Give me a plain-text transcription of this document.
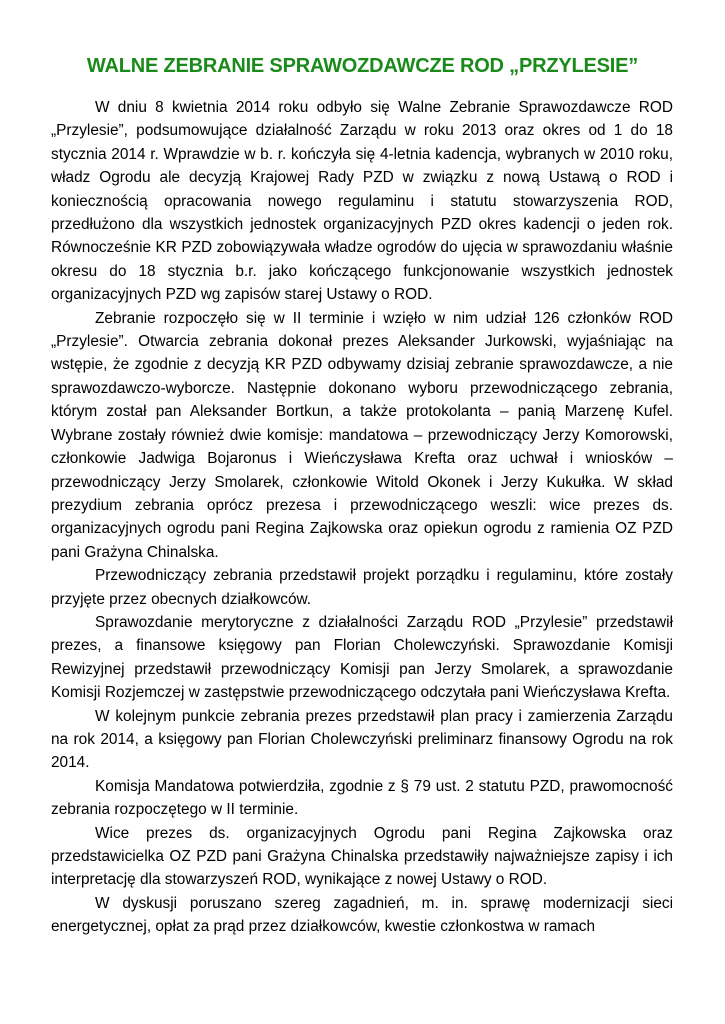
WALNE ZEBRANIE SPRAWOZDAWCZE ROD „PRZYLESIE”

W dniu 8 kwietnia 2014 roku odbyło się Walne Zebranie Sprawozdawcze ROD „Przylesie”, podsumowujące działalność Zarządu w roku 2013 oraz okres od 1 do 18 stycznia 2014 r. Wprawdzie w b. r. kończyła się 4-letnia kadencja, wybranych w 2010 roku, władz Ogrodu ale decyzją Krajowej Rady PZD w związku z nową Ustawą o ROD i koniecznością opracowania nowego regulaminu i statutu stowarzyszenia ROD, przedłużono dla wszystkich jednostek organizacyjnych PZD okres kadencji o jeden rok. Równocześnie KR PZD zobowiązywała władze ogrodów do ujęcia w sprawozdaniu właśnie okresu do 18 stycznia b.r. jako kończącego funkcjonowanie wszystkich jednostek organizacyjnych PZD wg zapisów starej Ustawy o ROD.

Zebranie rozpoczęło się w II terminie i wzięło w nim udział 126 członków ROD „Przylesie”. Otwarcia zebrania dokonał prezes Aleksander Jurkowski, wyjaśniając na wstępie, że zgodnie z decyzją KR PZD odbywamy dzisiaj zebranie sprawozdawcze, a nie sprawozdawczo-wyborcze. Następnie dokonano wyboru przewodniczącego zebrania, którym został pan Aleksander Bortkun, a także protokolanta – panią Marzenę Kufel. Wybrane zostały również dwie komisje: mandatowa – przewodniczący Jerzy Komorowski, członkowie Jadwiga Bojaronus i Wieńczysława Krefta oraz uchwał i wniosków – przewodniczący Jerzy Smolarek, członkowie Witold Okonek i Jerzy Kukułka. W skład prezydium zebrania oprócz prezesa i przewodniczącego weszli: wice prezes ds. organizacyjnych ogrodu pani Regina Zajkowska oraz opiekun ogrodu z ramienia OZ PZD pani Grażyna Chinalska.

Przewodniczący zebrania przedstawił projekt porządku i regulaminu, które zostały przyjęte przez obecnych działkowców.

Sprawozdanie merytoryczne z działalności Zarządu ROD „Przylesie” przedstawił prezes, a finansowe księgowy pan Florian Cholewczyński. Sprawozdanie Komisji Rewizyjnej przedstawił przewodniczący Komisji pan Jerzy Smolarek, a sprawozdanie Komisji Rozjemczej w zastępstwie przewodniczącego odczytała pani Wieńczysława Krefta.

W kolejnym punkcie zebrania prezes przedstawił plan pracy i zamierzenia Zarządu na rok 2014, a księgowy pan Florian Cholewczyński preliminarz finansowy Ogrodu na rok 2014.

Komisja Mandatowa potwierdziła, zgodnie z § 79 ust. 2 statutu PZD, prawomocność zebrania rozpoczętego w II terminie.

Wice prezes ds. organizacyjnych Ogrodu pani Regina Zajkowska oraz przedstawicielka OZ PZD pani Grażyna Chinalska przedstawiły najważniejsze zapisy i ich interpretację dla stowarzyszeń ROD, wynikające z nowej Ustawy o ROD.

W dyskusji poruszano szereg zagadnień, m. in. sprawę modernizacji sieci energetycznej, opłat za prąd przez działkowców, kwestie członkostwa w ramach
